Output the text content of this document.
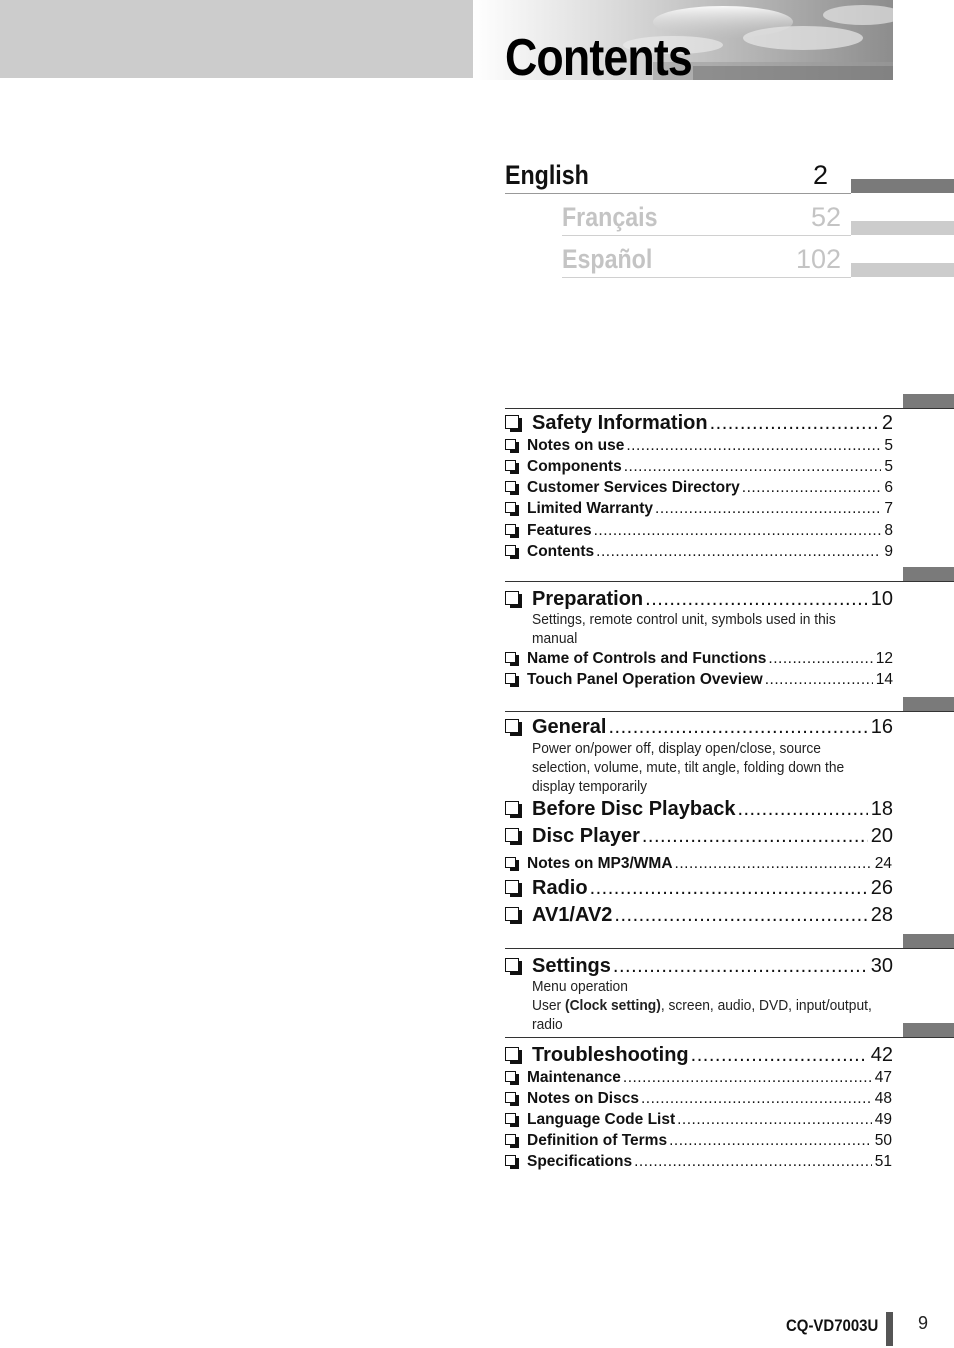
Contents
English	2
Français	52
Español	102
Safety Information .....	2
Notes on use .....	5
Components .....	5
Customer Services Directory .....	6
Limited Warranty .....	7
Features .....	8
Contents .....	9
Preparation .....	10
Settings, remote control unit, symbols used in this manual
Name of Controls and Functions .....	12
Touch Panel Operation Oveview .....	14
General .....	16
Power on/power off, display open/close, source selection, volume, mute, tilt angle, folding down the display temporarily
Before Disc Playback .....	18
Disc Player .....	20
Notes on MP3/WMA .....	24
Radio .....	26
AV1/AV2 .....	28
Settings .....	30
Menu operation
User (Clock setting), screen, audio, DVD, input/output, radio
Troubleshooting .....	42
Maintenance .....	47
Notes on Discs .....	48
Language Code List .....	49
Definition of Terms .....	50
Specifications .....	51
CQ-VD7003U 9
